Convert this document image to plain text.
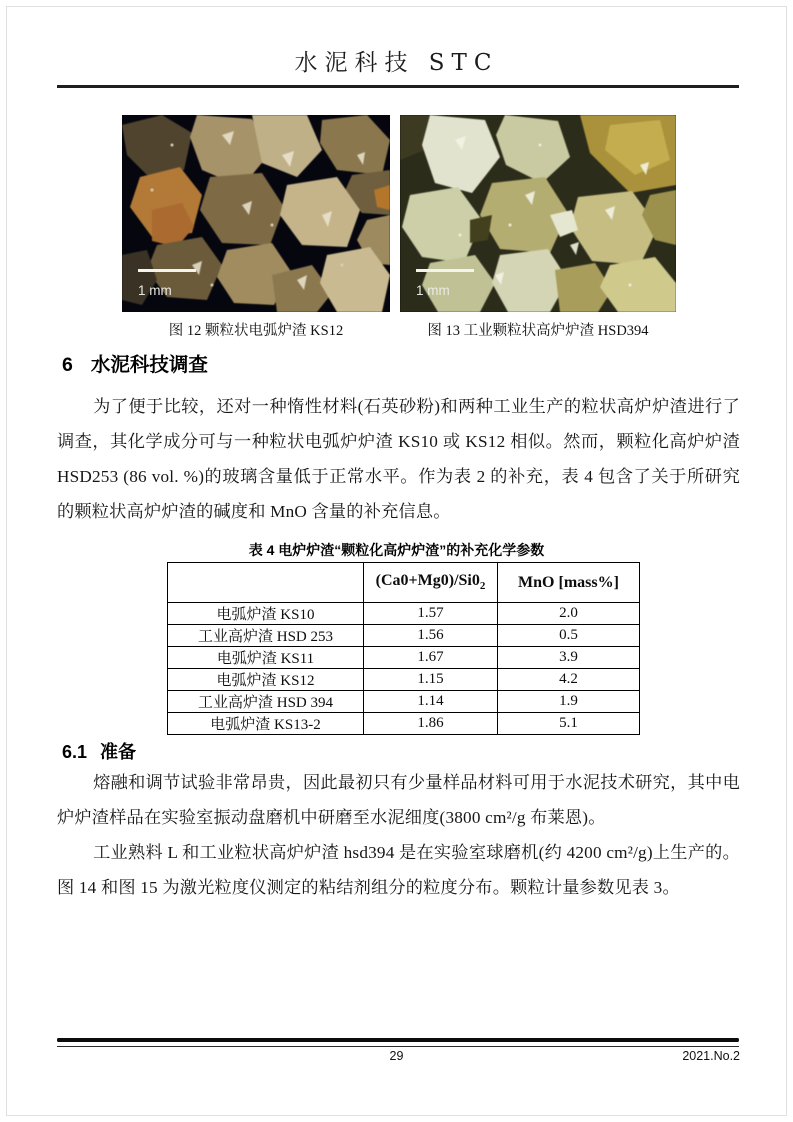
水泥科技 STC
1 mm
图 12 颗粒状电弧炉渣 KS12
1 mm
图 13 工业颗粒状高炉炉渣 HSD394
6 水泥科技调查

为了便于比较，还对一种惰性材料(石英砂粉)和两种工业生产的粒状高炉炉渣进行了调查，其化学成分可与一种粒状电弧炉炉渣 KS10 或 KS12 相似。然而，颗粒化高炉炉渣 HSD253 (86 vol. %)的玻璃含量低于正常水平。作为表 2 的补充，表 4 包含了关于所研究的颗粒状高炉炉渣的碱度和 MnO 含量的补充信息。

表 4 电炉炉渣“颗粒化高炉炉渣”的补充化学参数
	$(Ca0+Mg0)/Si0_2$	MnO [mass%]
电弧炉渣 KS10	1.57	2.0
工业高炉渣 HSD 253	1.56	0.5
电弧炉渣 KS11	1.67	3.9
电弧炉渣 KS12	1.15	4.2
工业高炉渣 HSD 394	1.14	1.9
电弧炉渣 KS13-2	1.86	5.1
6.1 准备

熔融和调节试验非常昂贵，因此最初只有少量样品材料可用于水泥技术研究，其中电炉炉渣样品在实验室振动盘磨机中研磨至水泥细度(3800 cm²/g 布莱恩)。

工业熟料 L 和工业粒状高炉炉渣 hsd394 是在实验室球磨机(约 4200 cm²/g)上生产的。图 14 和图 15 为激光粒度仪测定的粘结剂组分的粒度分布。颗粒计量参数见表 3。

29	2021.No.2
